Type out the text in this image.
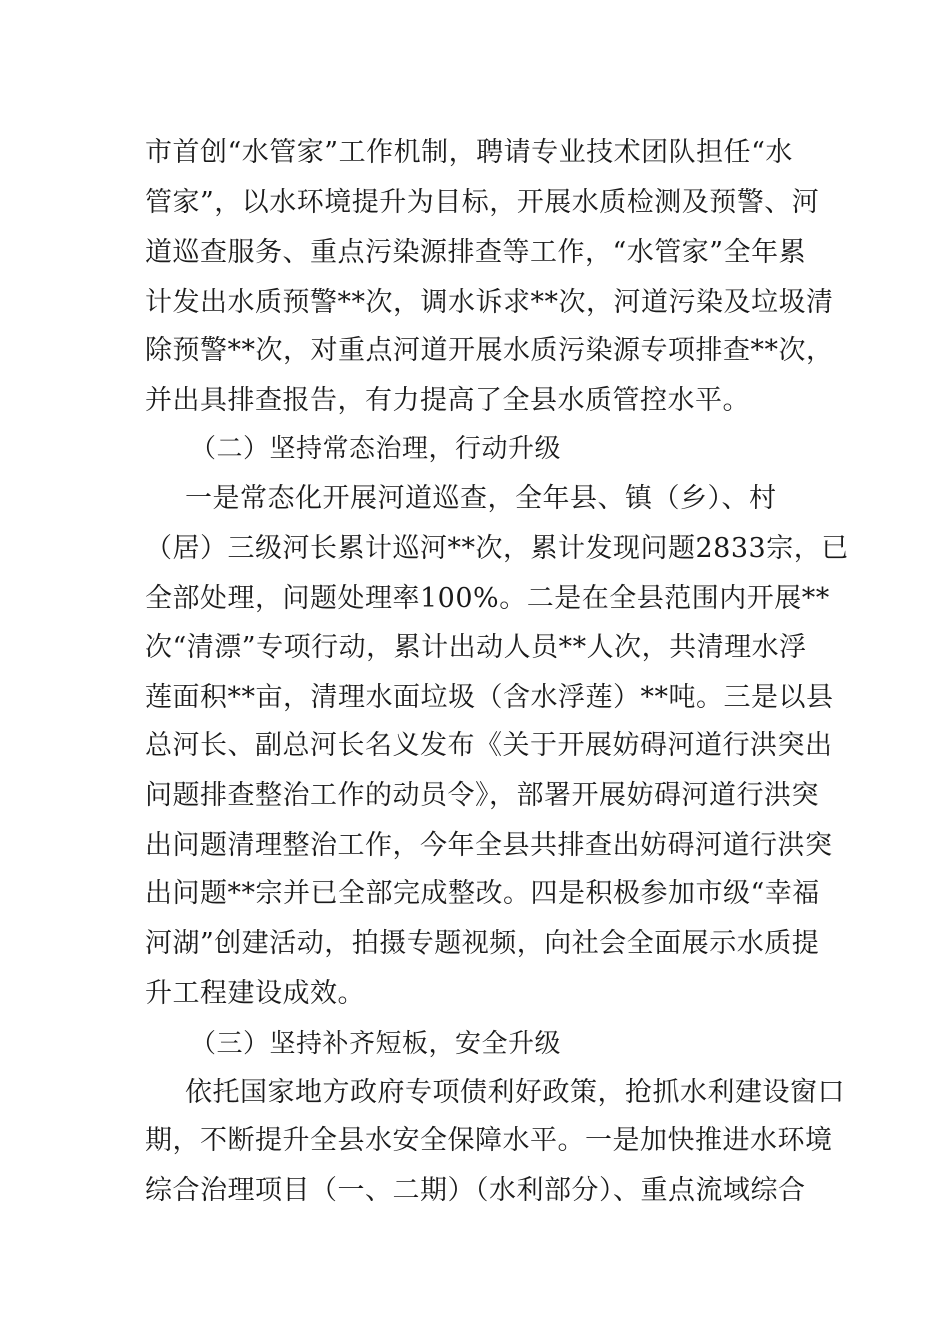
市首创“水管家”工作机制，聘请专业技术团队担任“水
管家”，以水环境提升为目标，开展水质检测及预警、河
道巡查服务、重点污染源排查等工作，“水管家”全年累
计发出水质预警**次，调水诉求**次，河道污染及垃圾清
除预警**次，对重点河道开展水质污染源专项排查**次，
并出具排查报告，有力提高了全县水质管控水平。
（二）坚持常态治理，行动升级
一是常态化开展河道巡查，全年县、镇（乡）、村
（居）三级河长累计巡河**次，累计发现问题2833宗，已
全部处理，问题处理率100%。二是在全县范围内开展**
次“清漂”专项行动，累计出动人员**人次，共清理水浮
莲面积**亩，清理水面垃圾（含水浮莲）**吨。三是以县
总河长、副总河长名义发布《关于开展妨碍河道行洪突出
问题排查整治工作的动员令》，部署开展妨碍河道行洪突
出问题清理整治工作，今年全县共排查出妨碍河道行洪突
出问题**宗并已全部完成整改。四是积极参加市级“幸福
河湖”创建活动，拍摄专题视频，向社会全面展示水质提
升工程建设成效。
（三）坚持补齐短板，安全升级
依托国家地方政府专项债利好政策，抢抓水利建设窗口
期，不断提升全县水安全保障水平。一是加快推进水环境
综合治理项目（一、二期）（水利部分）、重点流域综合
